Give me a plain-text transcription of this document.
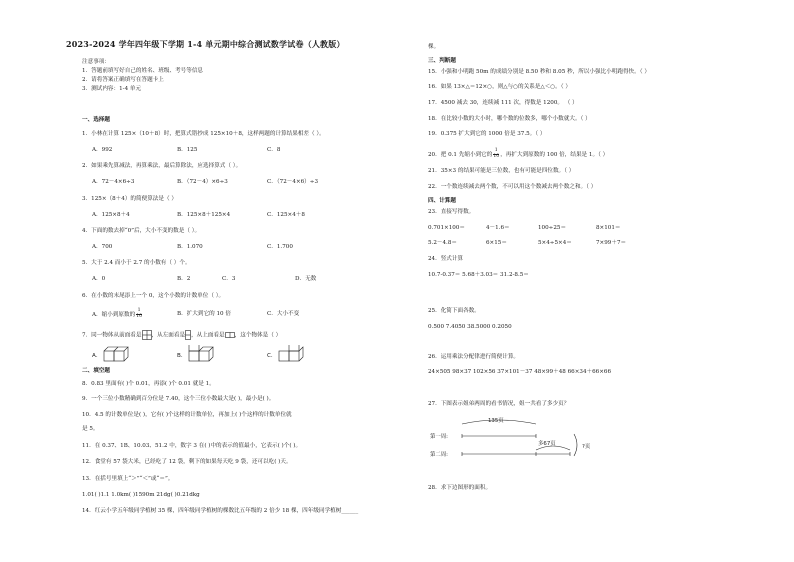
2023-2024 学年四年级下学期 1-4 单元期中综合测试数学试卷（人教版）
注意事项：
1．答题前填写好自己的姓名、班级、考号等信息
2．请将答案正确填写在答题卡上
3．测试内容：1-4 单元
一、选择题
1．小林在计算 125×（10＋8）时，把算式错抄成 125×10＋8，这样两题的计算结果相差（ ）。
A．992	B．125	C．8
2．如果乘先算减法，再算乘法，最后算除法，应选择算式（ ）。
A．72－4×6÷3	B．（72－4）×6÷3	C．（72－4×6）÷3
3．125×（8＋4）的简便算法是（ ）
A．125×8＋4	B．125×8＋125×4	C．125×4＋8
4．下面的数去掉“0”后，大小不变的数是（ ）。
A．700	B．1.070	C．1.700
5．大于 2.4 而小于 2.7 的小数有（ ）个。
A．0	B．2	C．3	D．无数
6．在小数的末尾添上一个 0，这个小数的计数单位（ ）。
A．缩小到原数的 $\frac{1}{10}$	B．扩大到它的 10 倍	C．大小不变
7．同一物体从前面看是 ，从左面看是 ，从上面看是 ，这个物体是（ ）
A．	B．	C．
二、填空题
8．0.83 里面有( )个 0.01，再添( )个 0.01 就是 1。
9．一个三位小数精确到百分位是 7.40，这个三位小数最大是( )，最小是( )。
10．4.5 的计数单位是( )，它有( )个这样的计数单位，再加上( )个这样的计数单位就
是 5。
11．在 0.37、1B、10.03、51.2 中，数字 3 在( )中的表示的值最小，它表示( )个( )。
12．食堂有 57 袋大米，已经吃了 12 袋，剩下的如果每天吃 9 袋，还可以吃( )天。
13．在括号里填上“＞”“＜”或“＝”。
1.01( )1.1 1.0km( )1590m 21dg( )0.21dkg
14．红云小学五年级同学植树 35 棵，四年级同学植树的棵数比五年级的 2 倍少 18 棵，四年级同学植树______
棵。
三、判断题
15．小强和小明跑 50m 的成绩分别是 8.50 秒和 8.05 秒，所以小强比小明跑得快。（ ）
16．如果 13×△＝12×○，则△与○的关系是△＜○。（ ）
17．4500 减去 30，连续减 111 次，得数是 1200。 （ ）
18．在比较小数的大小时，哪个数的位数多，哪个小数就大。（ ）
19．0.375 扩大到它的 1000 倍是 37.5。（ ）
20．把 0.1 先缩小到它的 $\frac{1}{10}$ ，再扩大到原数的 100 倍，结果是 1。（ ）
21．35×3 的结果可能是三位数，也有可能是四位数。（ ）
22．一个数连续减去两个数，不可以用这个数减去两个数之和。（ ）
四、计算题
23．直接写得数。
0.701×100＝	4－1.6＝	100÷25＝	8×101＝
5.2－4.8＝	6×15＝	5×4÷5×4＝	7×99＋7＝
24．竖式计算
10.7-0.37＝ 5.68＋3.03＝ 31.2-8.5＝
25．化简下面各数。
0.500 7.4050 38.5000 0.2050
26．运用乘法分配律进行简便计算。
24×505 98×37 102×56 37×101－37 48×99＋48 66×34＋66×66
27．下图表示姐弟两周的看书情况，姐一共看了多少页？
135页
第一周:
第二周:
多67页	?页
28．求下边图形的面积。
